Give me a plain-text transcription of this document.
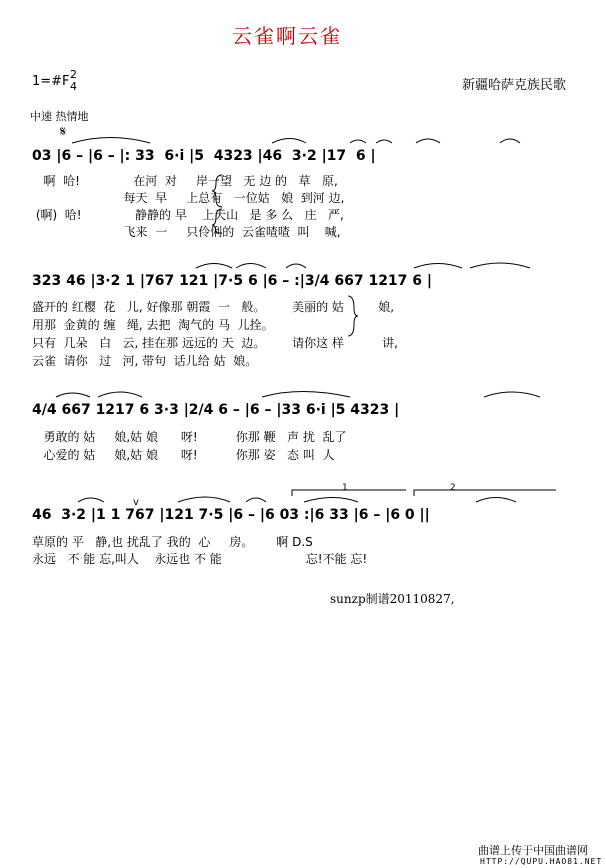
云雀啊云雀
1=#F 2
4	新疆哈萨克族民歌
中速 热情地
𝄋
03 |6 – |6 – |: 33  6·i |5  4323 |46  3·2 |17  6 |
啊  哈!              在河  对     岸一望   无 边 的   草   原,
每天  早     上总有   一位姑   娘  到河 边,
(啊)  哈!              静静的 早    上天山   是 多 么   庄   严,
飞来  一     只伶俐的  云雀喳喳  叫    喊,
323 46 |3·2 1 |767 121 |7·5 6 |6 – :|3/4 667 1217 6 |
盛开的 红樱  花   儿, 好像那 朝霞  一   般。       美丽的 姑         娘,
用那  金黄的 缠   绳, 去把  淘气的 马  儿拴。
只有  几朵   白   云, 挂在那 远远的 天  边。       请你这 样          讲,
云雀  请你   过   河, 带句  话儿给 姑  娘。
4/4 667 1217 6 3·3 |2/4 6 – |6 – |33 6·i |5 4323 |
勇敢的 姑     娘,姑 娘      呀!          你那 鞭   声 扰  乱了
心爱的 姑     娘,姑 娘      呀!          你那 姿   态 叫  人
1	2
v
46  3·2 |1 1 767 |121 7·5 |6 – |6 03 :|6 33 |6 – |6 0 ||
草原的 平   静,也 扰乱了 我的  心     房。      啊 D.S
永远   不 能 忘,叫人    永远也 不 能                      忘!不能 忘!
sunzp制谱20110827,
曲谱上传于中国曲谱网
HTTP://QUPU.HAO81.NET
